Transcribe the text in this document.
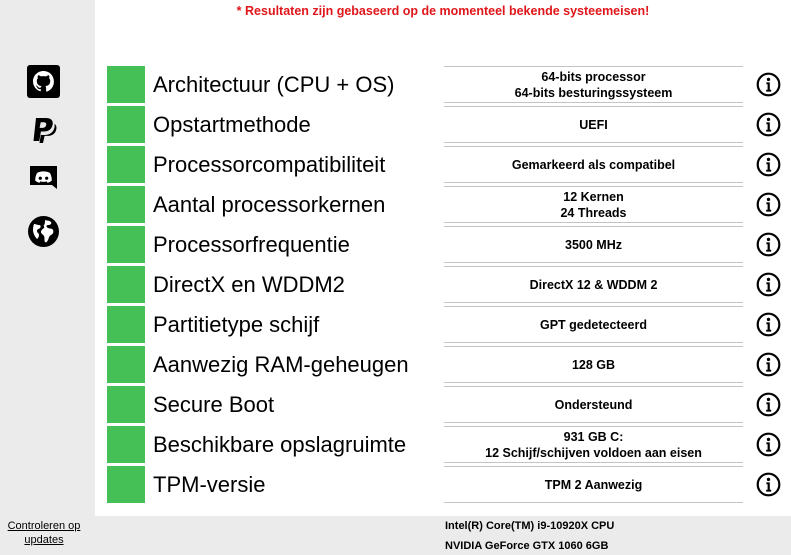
Controleren op updates
* Resultaten zijn gebaseerd op de momenteel bekende systeemeisen!
Architectuur (CPU + OS)	64-bits processor
64-bits besturingssysteem
Opstartmethode	UEFI
Processorcompatibiliteit	Gemarkeerd als compatibel
Aantal processorkernen	12 Kernen
24 Threads
Processorfrequentie	3500 MHz
DirectX en WDDM2	DirectX 12 & WDDM 2
Partitietype schijf	GPT gedetecteerd
Aanwezig RAM-geheugen	128 GB
Secure Boot	Ondersteund
Beschikbare opslagruimte	931 GB C:
12 Schijf/schijven voldoen aan eisen
TPM-versie	TPM 2 Aanwezig
Intel(R) Core(TM) i9-10920X CPU
NVIDIA GeForce GTX 1060 6GB
